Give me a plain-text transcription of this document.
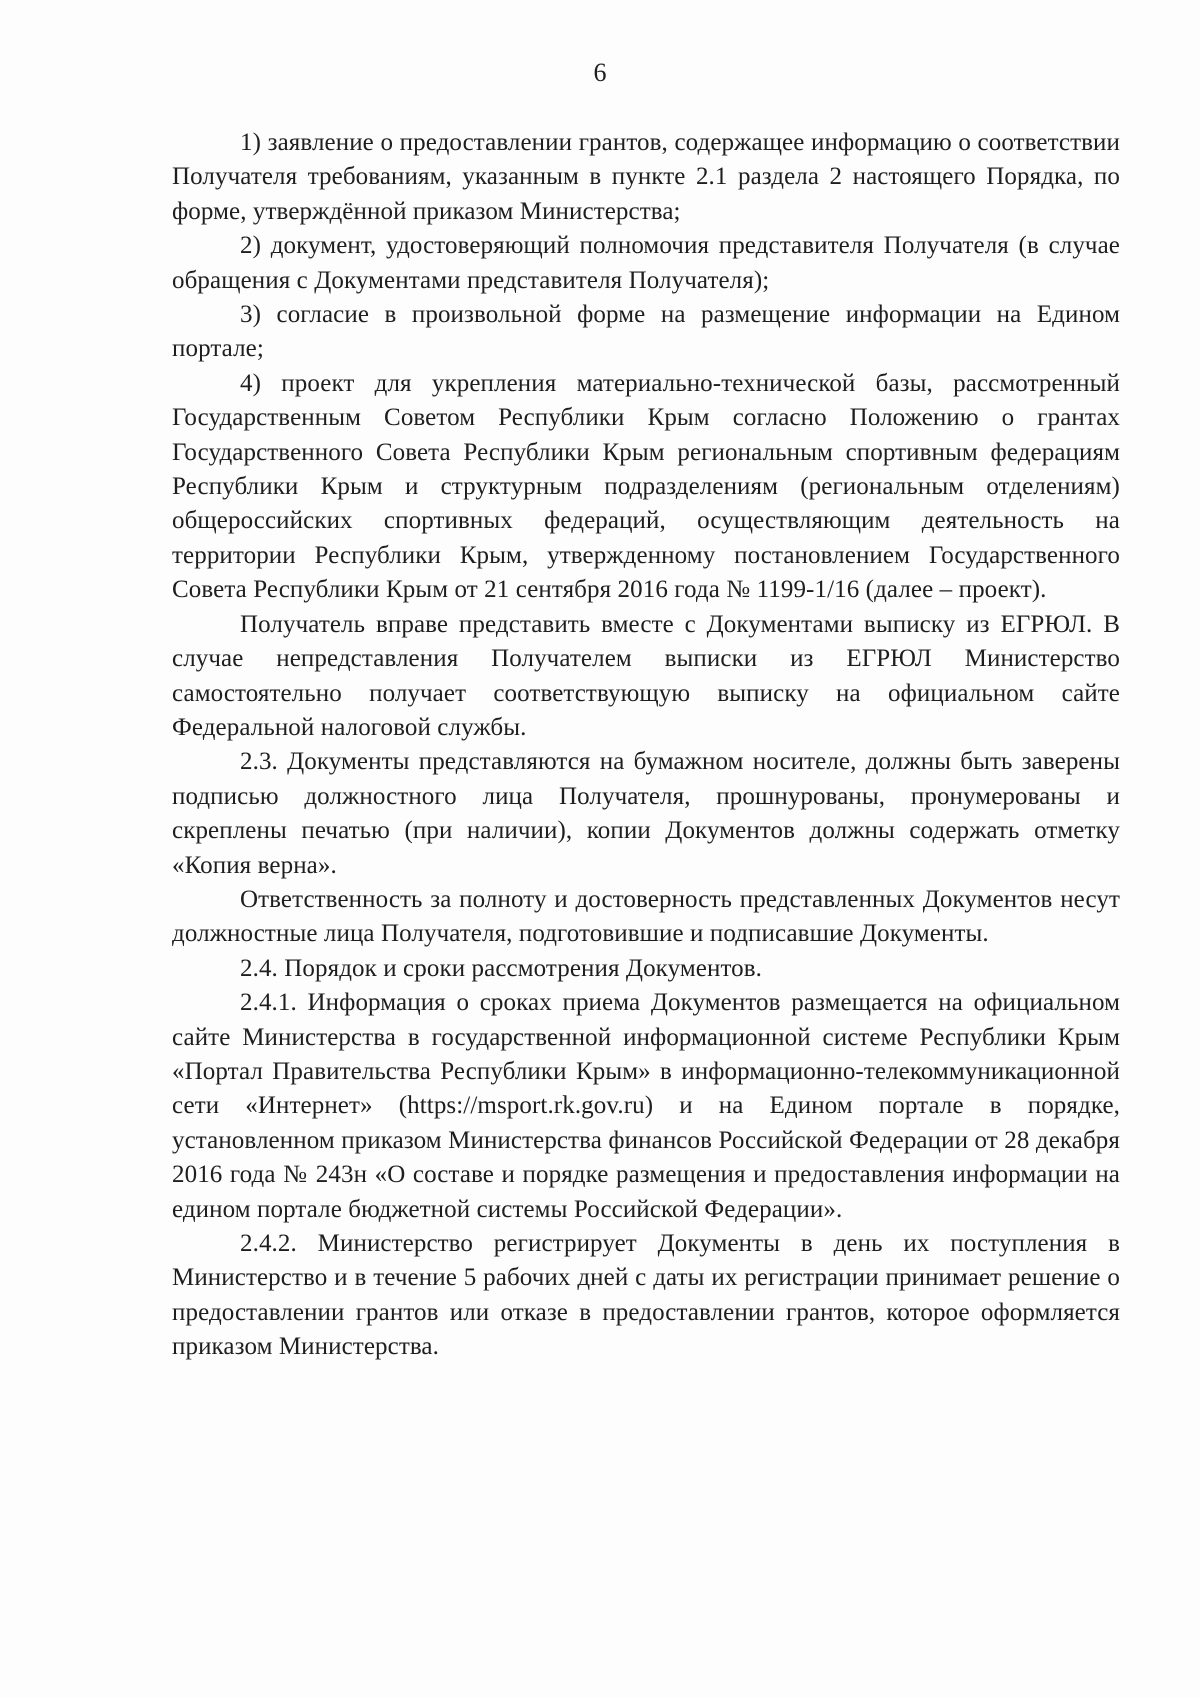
6

1) заявление о предоставлении грантов, содержащее информацию о соответствии Получателя требованиям, указанным в пункте 2.1 раздела 2 настоящего Порядка, по форме, утверждённой приказом Министерства;

2) документ, удостоверяющий полномочия представителя Получателя (в случае обращения с Документами представителя Получателя);

3) согласие в произвольной форме на размещение информации на Едином портале;

4) проект для укрепления материально-технической базы, рассмотренный Государственным Советом Республики Крым согласно Положению о грантах Государственного Совета Республики Крым региональным спортивным федерациям Республики Крым и структурным подразделениям (региональным отделениям) общероссийских спортивных федераций, осуществляющим деятельность на территории Республики Крым, утвержденному постановлением Государственного Совета Республики Крым от 21 сентября 2016 года № 1199-1/16 (далее – проект).

Получатель вправе представить вместе с Документами выписку из ЕГРЮЛ. В случае непредставления Получателем выписки из ЕГРЮЛ Министерство самостоятельно получает соответствующую выписку на официальном сайте Федеральной налоговой службы.

2.3. Документы представляются на бумажном носителе, должны быть заверены подписью должностного лица Получателя, прошнурованы, пронумерованы и скреплены печатью (при наличии), копии Документов должны содержать отметку «Копия верна».

Ответственность за полноту и достоверность представленных Документов несут должностные лица Получателя, подготовившие и подписавшие Документы.

2.4. Порядок и сроки рассмотрения Документов.

2.4.1. Информация о сроках приема Документов размещается на официальном сайте Министерства в государственной информационной системе Республики Крым «Портал Правительства Республики Крым» в информационно-телекоммуникационной сети «Интернет» (https://msport.rk.gov.ru) и на Едином портале в порядке, установленном приказом Министерства финансов Российской Федерации от 28 декабря 2016 года № 243н «О составе и порядке размещения и предоставления информации на едином портале бюджетной системы Российской Федерации».

2.4.2. Министерство регистрирует Документы в день их поступления в Министерство и в течение 5 рабочих дней с даты их регистрации принимает решение о предоставлении грантов или отказе в предоставлении грантов, которое оформляется приказом Министерства.
